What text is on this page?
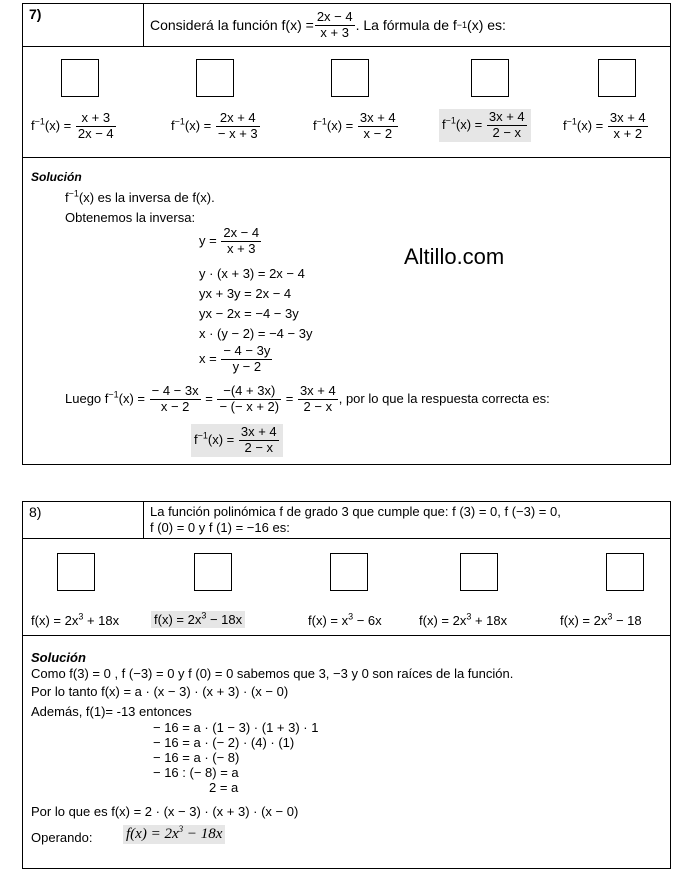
7)
Considerá la función
$f(x) = \frac{2x - 4}{x + 3}$ . La fórmula de f −1 (x) es:
$f^{-1}(x) = \frac{x + 3}{2x - 4}$	$f^{-1}(x) = \frac{2x + 4}{- x + 3}$	$f^{-1}(x) = \frac{3x + 4}{x - 2}$	$f^{-1}(x) = \frac{3x + 4}{2 - x}$	$f^{-1}(x) = \frac{3x + 4}{x + 2}$
Solución
$f^{-1}(x)$ es la inversa de f(x).
Obtenemos la inversa:
$y = \frac{2x - 4}{x + 3}$
y · (x + 3) = 2x − 4
yx + 3y = 2x − 4
yx − 2x = −4 − 3y
x · (y − 2) = −4 − 3y
$x = \frac{- 4 - 3y}{y - 2}$
Altillo.com
Luego $f^{-1}(x) = \frac{- 4 - 3x}{x - 2} = \frac{-(4 + 3x)}{- (- x + 2)} = \frac{3x + 4}{2 - x}$ , por lo que la respuesta correcta es:
$f^{-1}(x) = \frac{3x + 4}{2 - x}$
8)	La función polinómica f de grado 3 que cumple que: f (3) = 0, f (−3) = 0,
f (0) = 0 y f (1) = −16 es:
$f(x) = 2x^3 + 18x$	$f(x) = 2x^3 - 18x$	$f(x) = x^3 - 6x$	$f(x) = 2x^3 + 18x$	$f(x) = 2x^3 - 18$
Solución
Como f(3) = 0 , f (−3) = 0 y f (0) = 0 sabemos que 3, −3 y 0 son raíces de la función.
Por lo tanto f(x) = a · (x − 3) · (x + 3) · (x − 0)
Además, f(1)= -13 entonces
− 16 = a · (1 − 3) · (1 + 3) · 1
− 16 = a · (− 2) · (4) · (1)
− 16 = a · (− 8)
− 16 : (− 8) = a
2 = a
Por lo que es f(x) = 2 · (x − 3) · (x + 3) · (x − 0)
Operando: $f(x) = 2x^3 - 18x$
